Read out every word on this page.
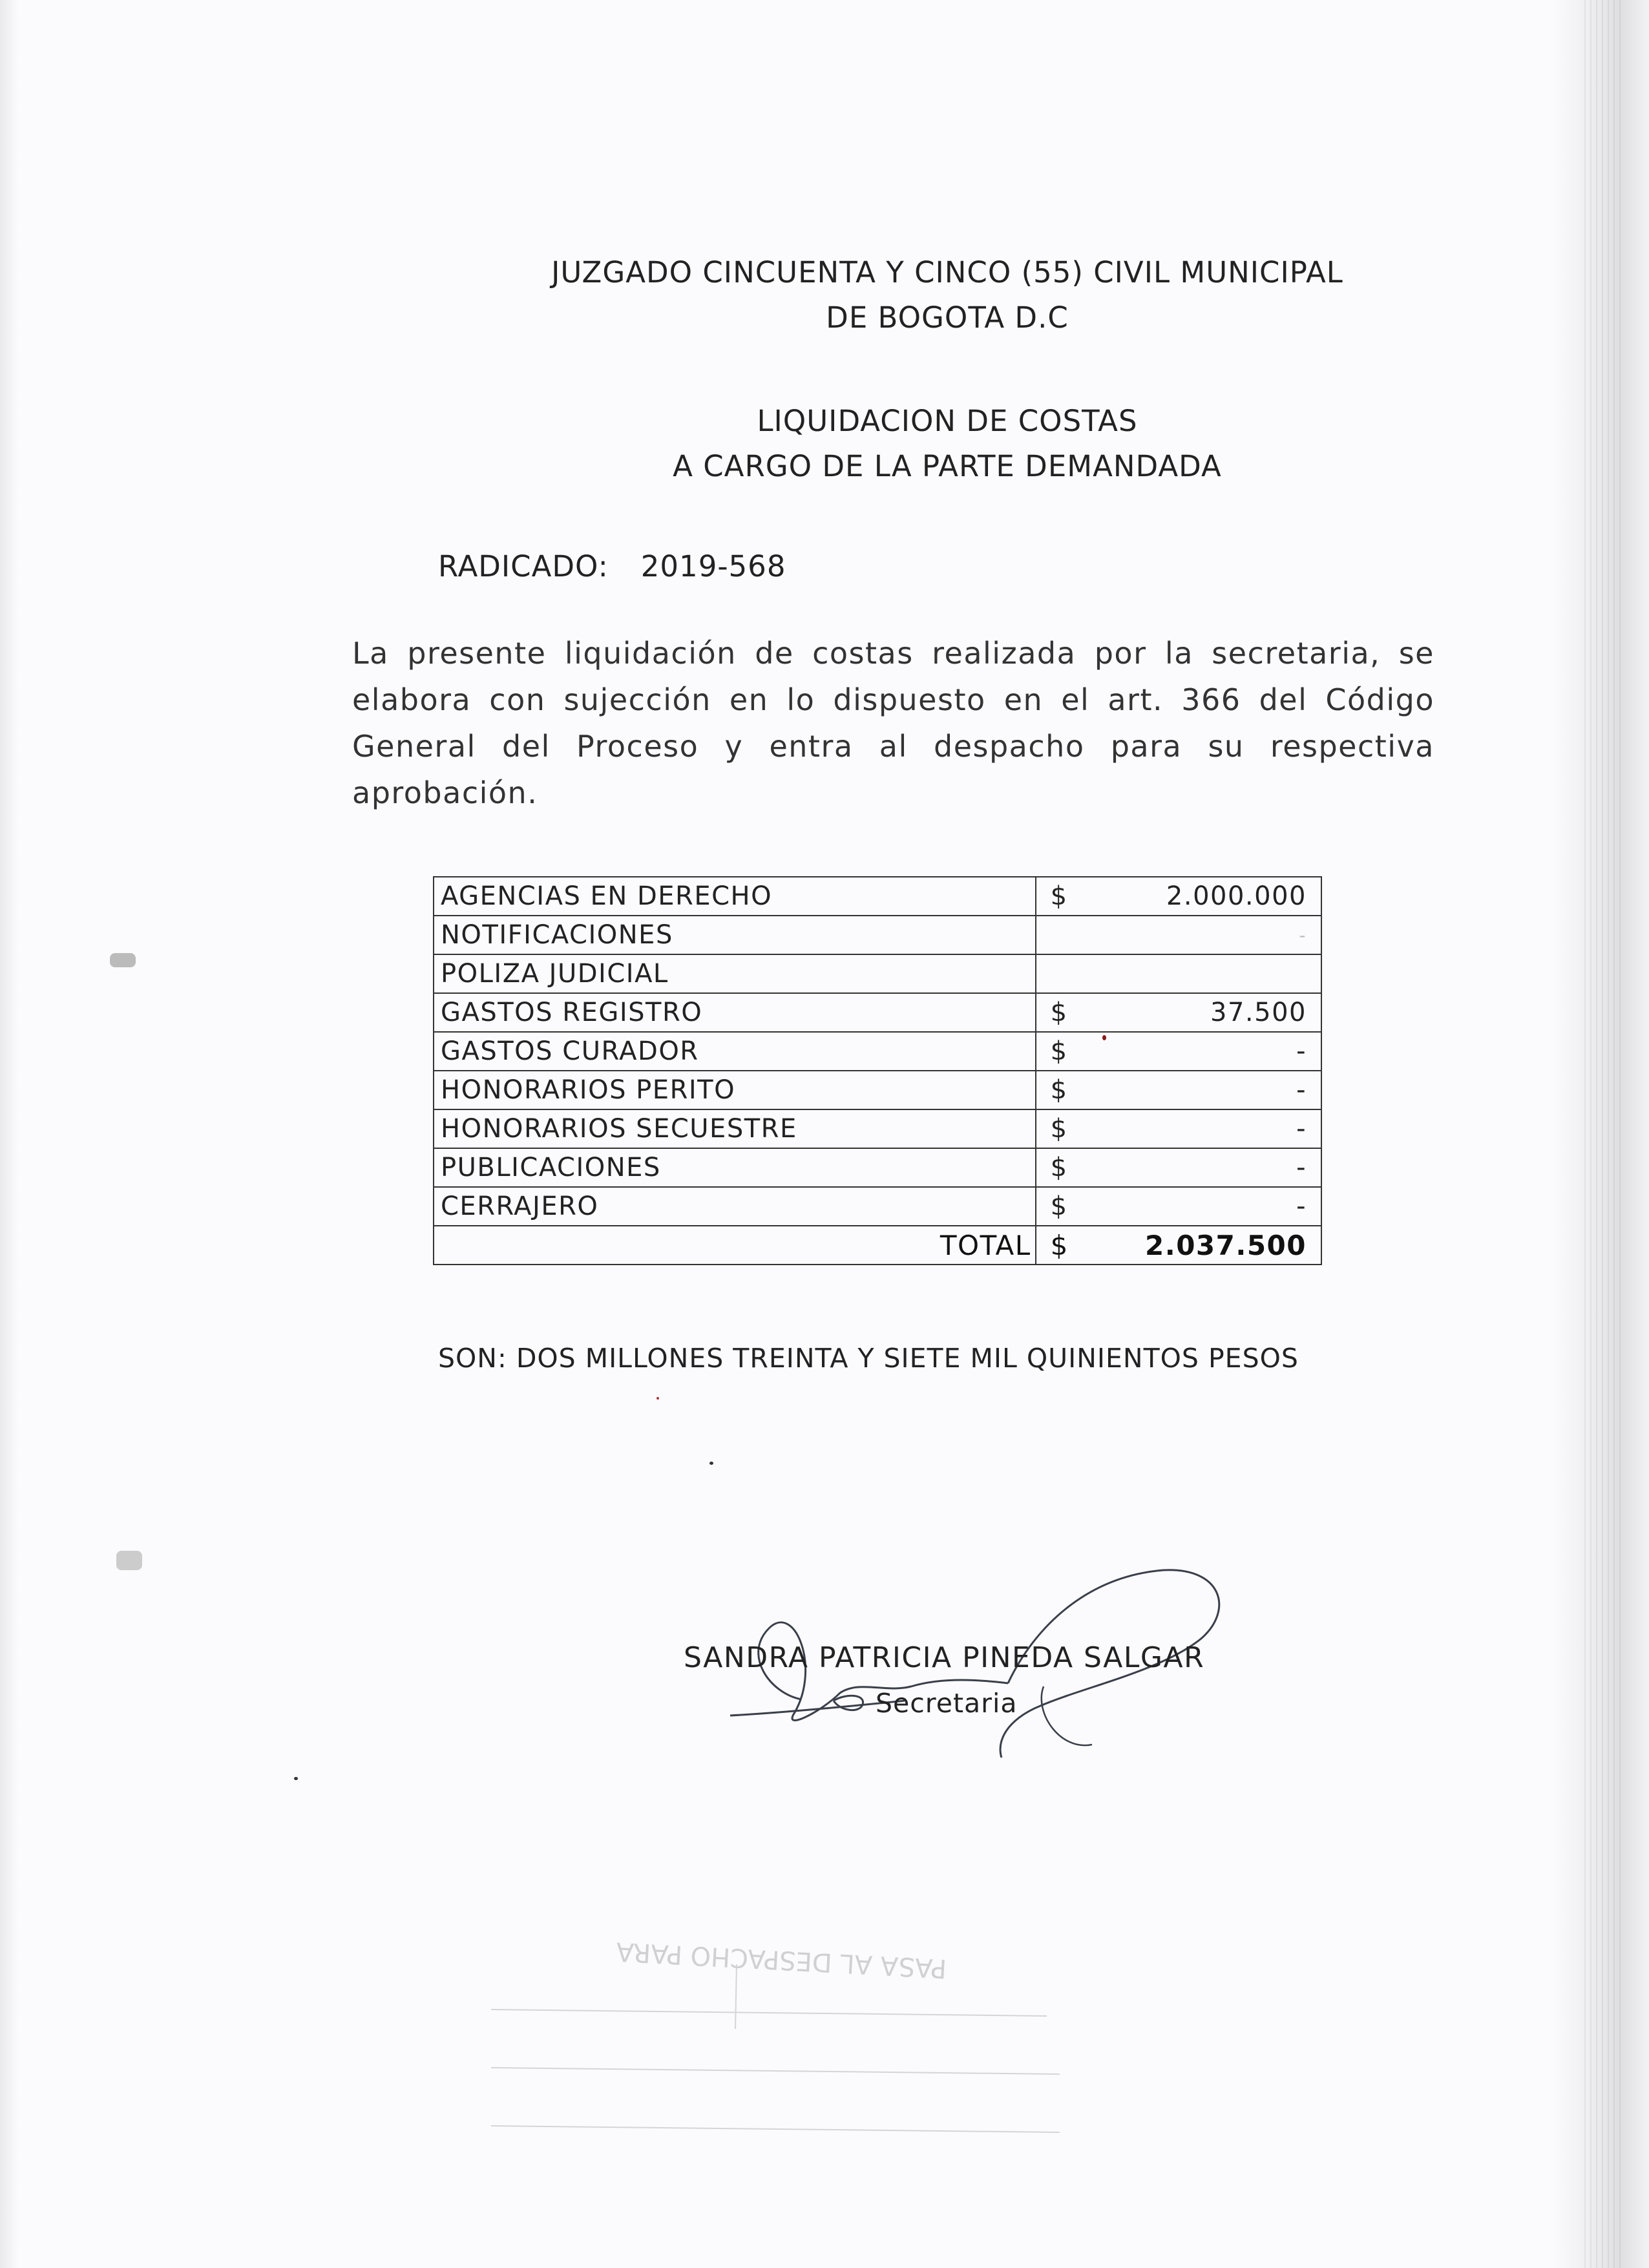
JUZGADO CINCUENTA Y CINCO (55) CIVIL MUNICIPAL
DE BOGOTA D.C
LIQUIDACION DE COSTAS
A CARGO DE LA PARTE DEMANDADA
RADICADO: 2019-568
La presente liquidación de costas realizada por la secretaria, se elabora con sujección en lo dispuesto en el art. 366 del Código General del Proceso y entra al despacho para su respectiva aprobación.
AGENCIAS EN DERECHO	$	2.000.000
NOTIFICACIONES		-
POLIZA JUDICIAL		
GASTOS REGISTRO	$	37.500
GASTOS CURADOR	$	-
HONORARIOS PERITO	$	-
HONORARIOS SECUESTRE	$	-
PUBLICACIONES	$	-
CERRAJERO	$	-
TOTAL	$	2.037.500
SON: DOS MILLONES TREINTA Y SIETE MIL QUINIENTOS PESOS
SANDRA PATRICIA PINEDA SALGAR
Secretaria
PASA AL DESPACHO PARA
